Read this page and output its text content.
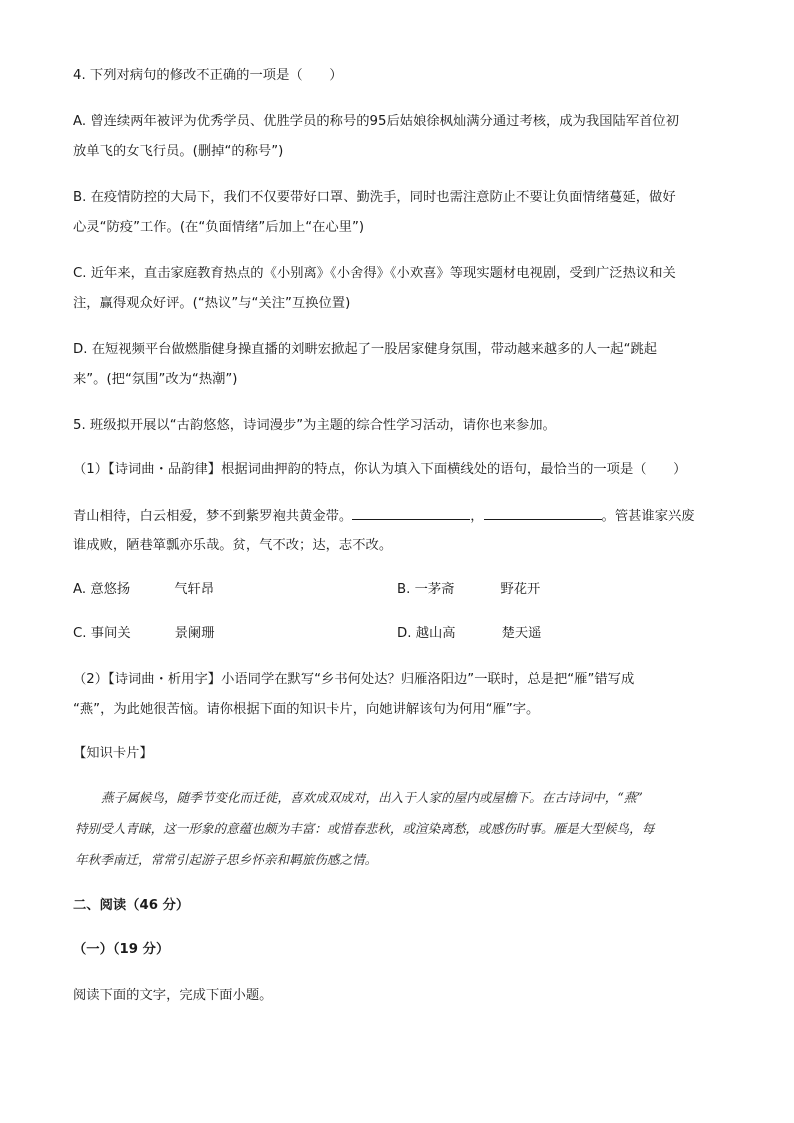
4. 下列对病句的修改不正确的一项是（　　）
A. 曾连续两年被评为优秀学员、优胜学员的称号的95后姑娘徐枫灿满分通过考核，成为我国陆军首位初
放单飞的女飞行员。(删掉“的称号”)
B. 在疫情防控的大局下，我们不仅要带好口罩、勤洗手，同时也需注意防止不要让负面情绪蔓延，做好
心灵“防疫”工作。(在“负面情绪”后加上“在心里”)
C. 近年来，直击家庭教育热点的《小别离》《小舍得》《小欢喜》等现实题材电视剧，受到广泛热议和关
注，赢得观众好评。(“热议”与“关注”互换位置)
D. 在短视频平台做燃脂健身操直播的刘畊宏掀起了一股居家健身氛围，带动越来越多的人一起“跳起
来”。(把“氛围”改为“热潮”)
5. 班级拟开展以“古韵悠悠，诗词漫步”为主题的综合性学习活动，请你也来参加。
（1）【诗词曲・品韵律】根据词曲押韵的特点，你认为填入下面横线处的语句，最恰当的一项是（　　）
青山相待，白云相爱，梦不到紫罗袍共黄金带。	，	。管甚谁家兴废
谁成败，陋巷箪瓢亦乐哉。贫，气不改；达，志不改。
A. 意悠扬	气轩昂	B. 一茅斋	野花开
C. 事间关	景阑珊	D. 越山高	楚天遥
（2）【诗词曲・析用字】小语同学在默写“乡书何处达？归雁洛阳边”一联时，总是把“雁”错写成
“燕”，为此她很苦恼。请你根据下面的知识卡片，向她讲解该句为何用“雁”字。
【知识卡片】
燕子属候鸟，随季节变化而迁徙，喜欢成双成对，出入于人家的屋内或屋檐下。在古诗词中，“燕”
特别受人青睐，这一形象的意蕴也颇为丰富：或惜春悲秋，或渲染离愁，或感伤时事。雁是大型候鸟，每
年秋季南迁，常常引起游子思乡怀亲和羁旅伤感之情。
二、阅读（46 分）
（一）（19 分）
阅读下面的文字，完成下面小题。
